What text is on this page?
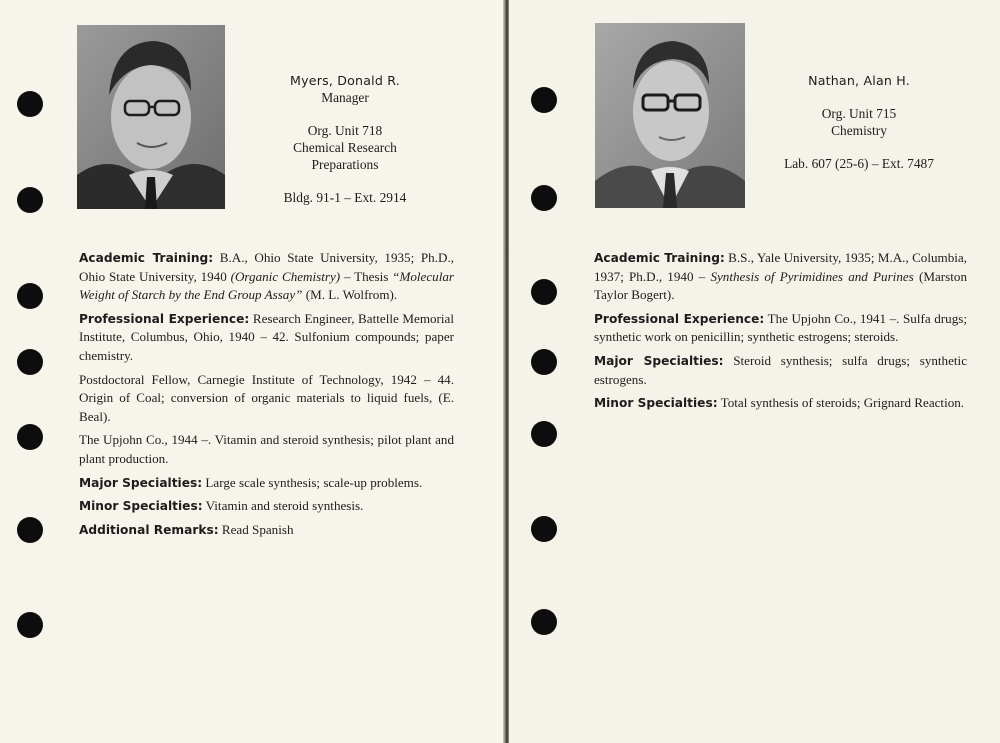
Myers, Donald R.
Manager
Org. Unit 718
Chemical Research
Preparations
Bldg. 91-1 – Ext. 2914

Academic Training: B.A., Ohio State University, 1935; Ph.D., Ohio State University, 1940 (Organic Chemistry) – Thesis “Molecular Weight of Starch by the End Group Assay” (M. L. Wolfrom).

Professional Experience: Research Engineer, Battelle Memorial Institute, Columbus, Ohio, 1940 – 42. Sulfonium compounds; paper chemistry.

Postdoctoral Fellow, Carnegie Institute of Technology, 1942 – 44. Origin of Coal; conversion of organic materials to liquid fuels, (E. Beal).

The Upjohn Co., 1944 –. Vitamin and steroid synthesis; pilot plant and plant production.

Major Specialties: Large scale synthesis; scale-up problems.

Minor Specialties: Vitamin and steroid synthesis.

Additional Remarks: Read Spanish

Nathan, Alan H.
Org. Unit 715
Chemistry
Lab. 607 (25-6) – Ext. 7487

Academic Training: B.S., Yale University, 1935; M.A., Columbia, 1937; Ph.D., 1940 – Synthesis of Pyrimidines and Purines (Marston Taylor Bogert).

Professional Experience: The Upjohn Co., 1941 –. Sulfa drugs; synthetic work on penicillin; synthetic estrogens; steroids.

Major Specialties: Steroid synthesis; sulfa drugs; synthetic estrogens.

Minor Specialties: Total synthesis of steroids; Grignard Reaction.
